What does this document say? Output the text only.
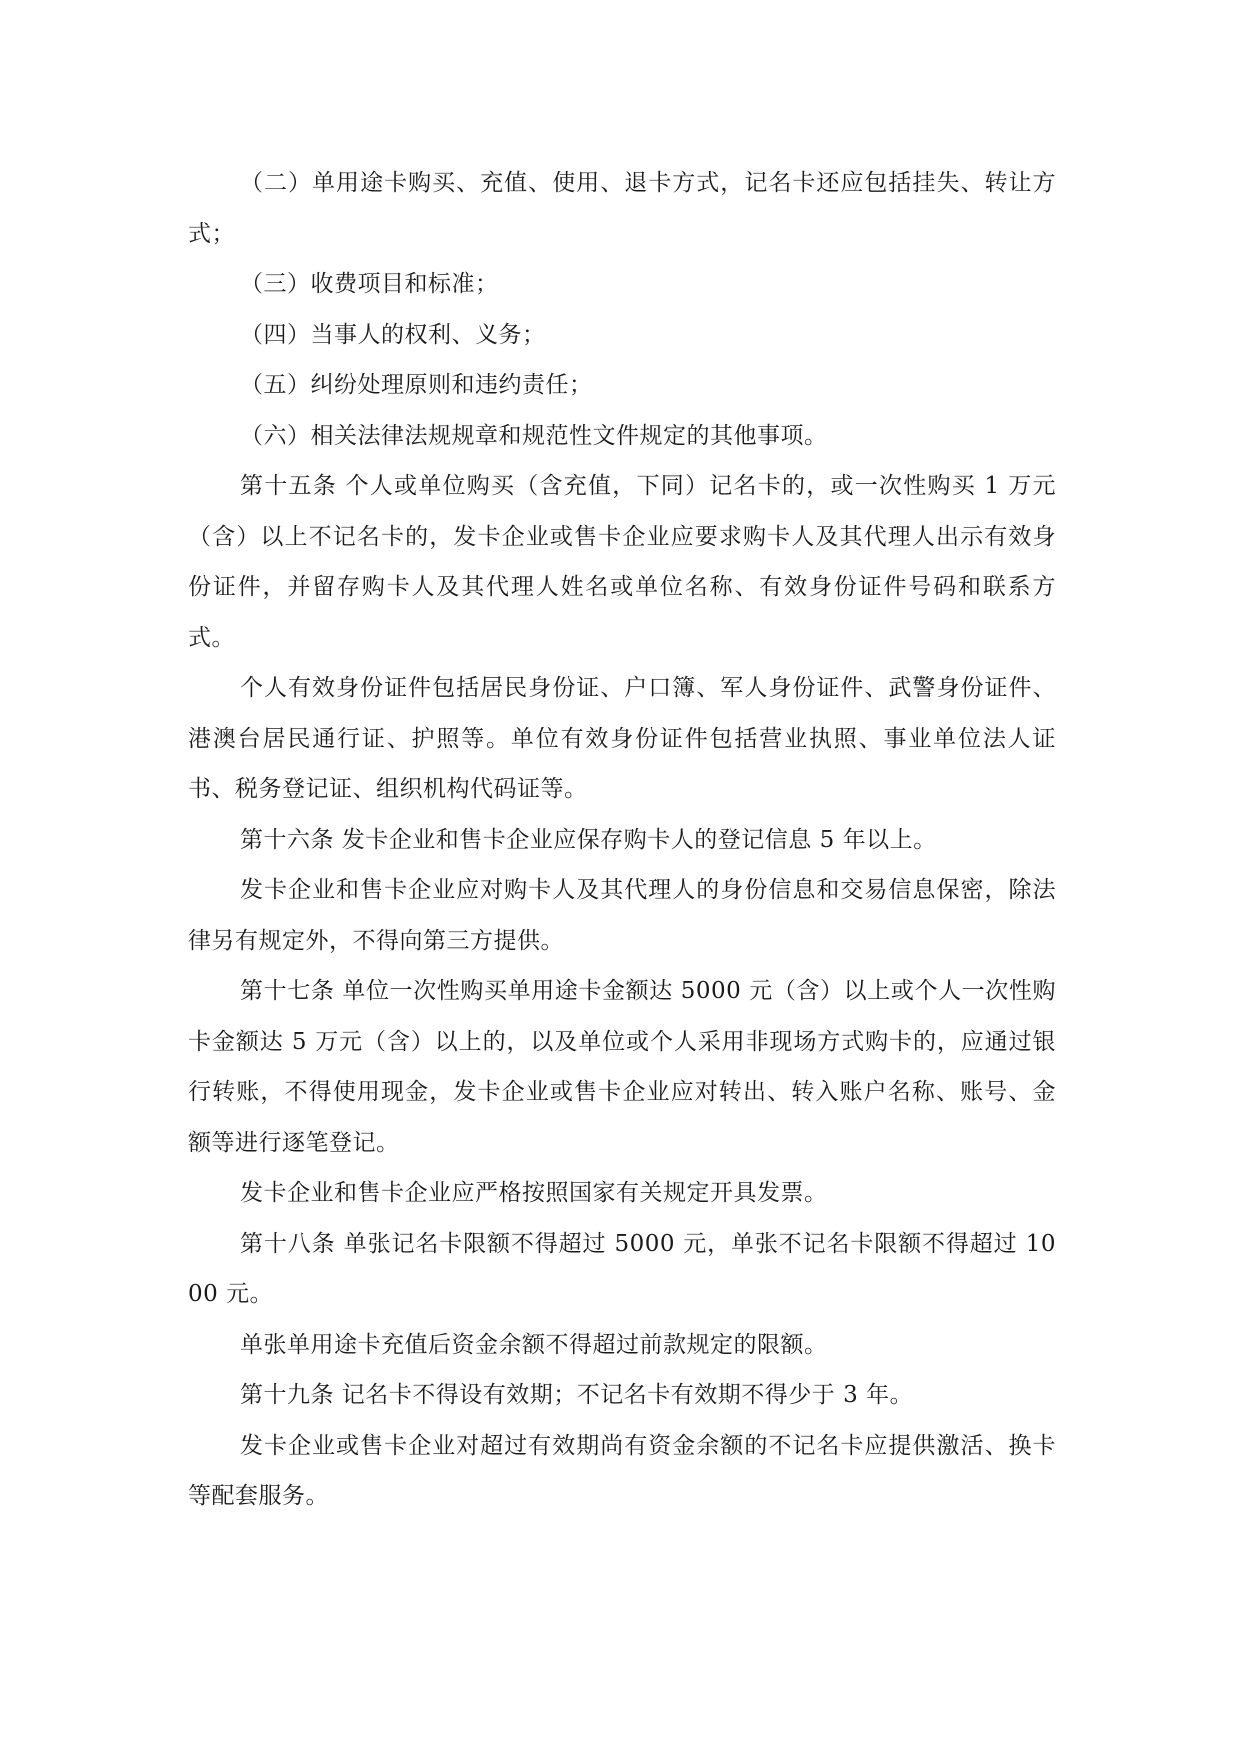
（二）单用途卡购买、充值、使用、退卡方式，记名卡还应包括挂失、转让方式；

（三）收费项目和标准；

（四）当事人的权利、义务；

（五）纠纷处理原则和违约责任；

（六）相关法律法规规章和规范性文件规定的其他事项。

第十五条 个人或单位购买（含充值，下同）记名卡的，或一次性购买 1 万元（含）以上不记名卡的，发卡企业或售卡企业应要求购卡人及其代理人出示有效身份证件，并留存购卡人及其代理人姓名或单位名称、有效身份证件号码和联系方式。

个人有效身份证件包括居民身份证、户口簿、军人身份证件、武警身份证件、港澳台居民通行证、护照等。单位有效身份证件包括营业执照、事业单位法人证书、税务登记证、组织机构代码证等。

第十六条 发卡企业和售卡企业应保存购卡人的登记信息 5 年以上。

发卡企业和售卡企业应对购卡人及其代理人的身份信息和交易信息保密，除法律另有规定外，不得向第三方提供。

第十七条 单位一次性购买单用途卡金额达 5000 元（含）以上或个人一次性购卡金额达 5 万元（含）以上的，以及单位或个人采用非现场方式购卡的，应通过银行转账，不得使用现金，发卡企业或售卡企业应对转出、转入账户名称、账号、金额等进行逐笔登记。

发卡企业和售卡企业应严格按照国家有关规定开具发票。

第十八条 单张记名卡限额不得超过 5000 元，单张不记名卡限额不得超过 1000 元。

单张单用途卡充值后资金余额不得超过前款规定的限额。

第十九条 记名卡不得设有效期；不记名卡有效期不得少于 3 年。

发卡企业或售卡企业对超过有效期尚有资金余额的不记名卡应提供激活、换卡等配套服务。
